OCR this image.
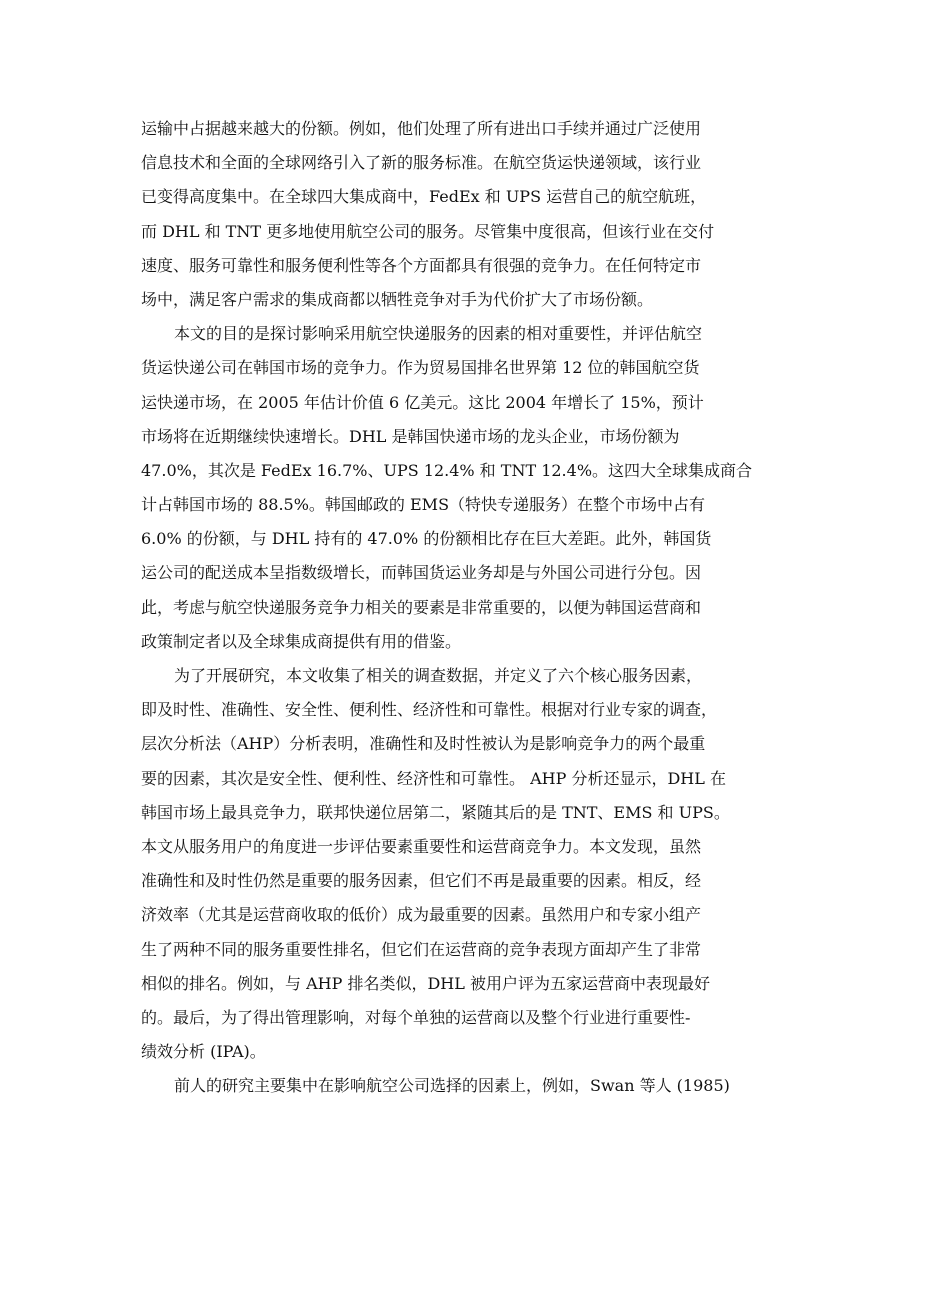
运输中占据越来越大的份额。例如，他们处理了所有进出口手续并通过广泛使用
信息技术和全面的全球网络引入了新的服务标准。在航空货运快递领域，该行业
已变得高度集中。在全球四大集成商中，FedEx 和 UPS 运营自己的航空航班，
而 DHL 和 TNT 更多地使用航空公司的服务。尽管集中度很高，但该行业在交付
速度、服务可靠性和服务便利性等各个方面都具有很强的竞争力。在任何特定市
场中，满足客户需求的集成商都以牺牲竞争对手为代价扩大了市场份额。
本文的目的是探讨影响采用航空快递服务的因素的相对重要性，并评估航空
货运快递公司在韩国市场的竞争力。作为贸易国排名世界第 12 位的韩国航空货
运快递市场，在 2005 年估计价值 6 亿美元。这比 2004 年增长了 15%，预计
市场将在近期继续快速增长。DHL 是韩国快递市场的龙头企业，市场份额为
47.0%，其次是 FedEx 16.7%、UPS 12.4% 和 TNT 12.4%。这四大全球集成商合
计占韩国市场的 88.5%。韩国邮政的 EMS（特快专递服务）在整个市场中占有
6.0% 的份额，与 DHL 持有的 47.0% 的份额相比存在巨大差距。此外，韩国货
运公司的配送成本呈指数级增长，而韩国货运业务却是与外国公司进行分包。因
此，考虑与航空快递服务竞争力相关的要素是非常重要的，以便为韩国运营商和
政策制定者以及全球集成商提供有用的借鉴。
为了开展研究，本文收集了相关的调查数据，并定义了六个核心服务因素，
即及时性、准确性、安全性、便利性、经济性和可靠性。根据对行业专家的调查，
层次分析法（AHP）分析表明，准确性和及时性被认为是影响竞争力的两个最重
要的因素，其次是安全性、便利性、经济性和可靠性。 AHP 分析还显示，DHL 在
韩国市场上最具竞争力，联邦快递位居第二，紧随其后的是 TNT、EMS 和 UPS。
本文从服务用户的角度进一步评估要素重要性和运营商竞争力。本文发现，虽然
准确性和及时性仍然是重要的服务因素，但它们不再是最重要的因素。相反，经
济效率（尤其是运营商收取的低价）成为最重要的因素。虽然用户和专家小组产
生了两种不同的服务重要性排名，但它们在运营商的竞争表现方面却产生了非常
相似的排名。例如，与 AHP 排名类似，DHL 被用户评为五家运营商中表现最好
的。最后，为了得出管理影响，对每个单独的运营商以及整个行业进行重要性-
绩效分析 (IPA)。
前人的研究主要集中在影响航空公司选择的因素上，例如，Swan 等人 (1985)
